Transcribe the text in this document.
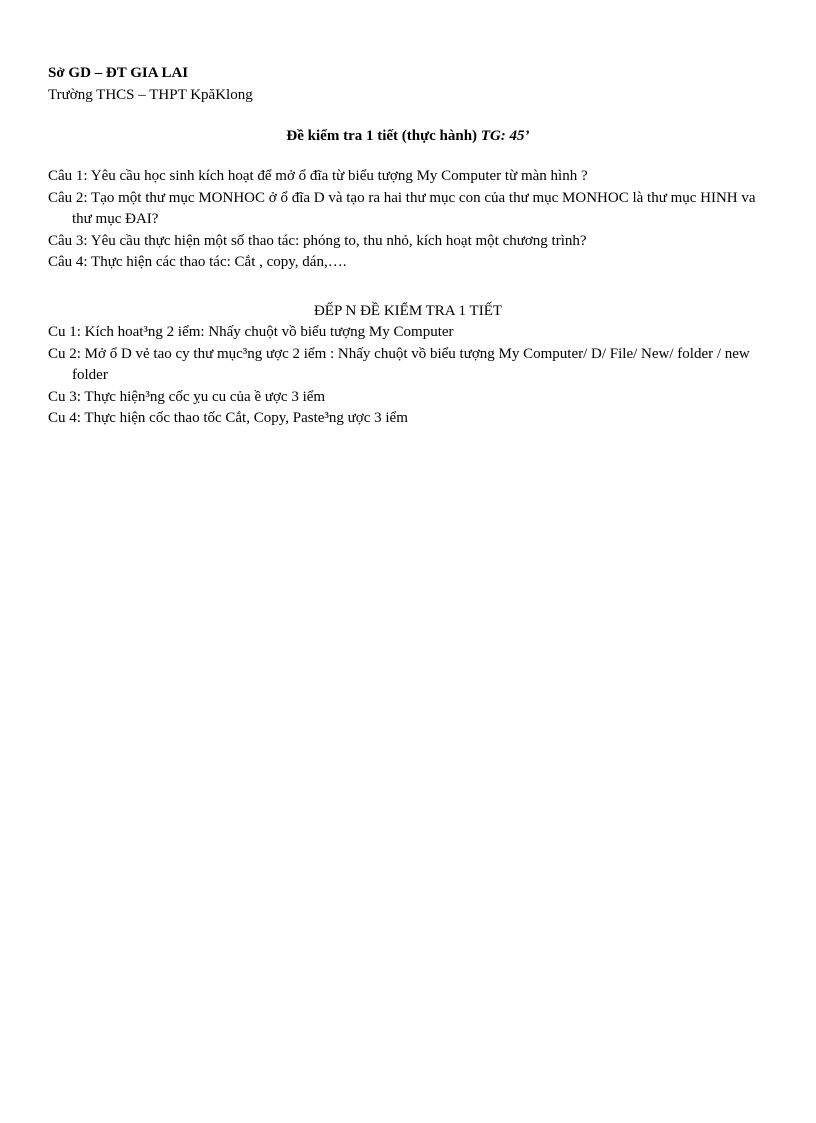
Sở GD – ĐT GIA LAI
Trường THCS – THPT KpăKlong
Đề kiểm tra 1 tiết (thực hành) TG: 45’
Câu 1: Yêu cầu học sinh kích hoạt để mở ổ đĩa từ biểu tượng My Computer từ màn hình ?
Câu 2: Tạo một thư mục MONHOC ở ổ đĩa D và tạo ra hai thư mục con của thư mục MONHOC là thư mục HINH va thư mục ĐAI?
Câu 3: Yêu cầu thực hiện một số thao tác: phóng to, thu nhỏ, kích hoạt một chương trình?
Câu 4: Thực hiện các thao tác: Cắt , copy, dán,….
ĐẾP N ĐỀ KIỂM TRA 1 TIẾT
Cu 1: Kích hoat³ng 2 iểm: Nhấy chuột vồ biểu tượng My Computer
Cu 2: Mở ổ D vẻ tao cy thư mục³ng ược 2 iểm : Nhấy chuột vồ biểu tượng My Computer/ D/ File/ New/ folder / new folder
Cu 3: Thực hiện³ng cốc ỵu cu của ề ược 3 iểm
Cu 4: Thực hiện cốc thao tốc Cắt, Copy, Paste³ng ược 3 iểm
